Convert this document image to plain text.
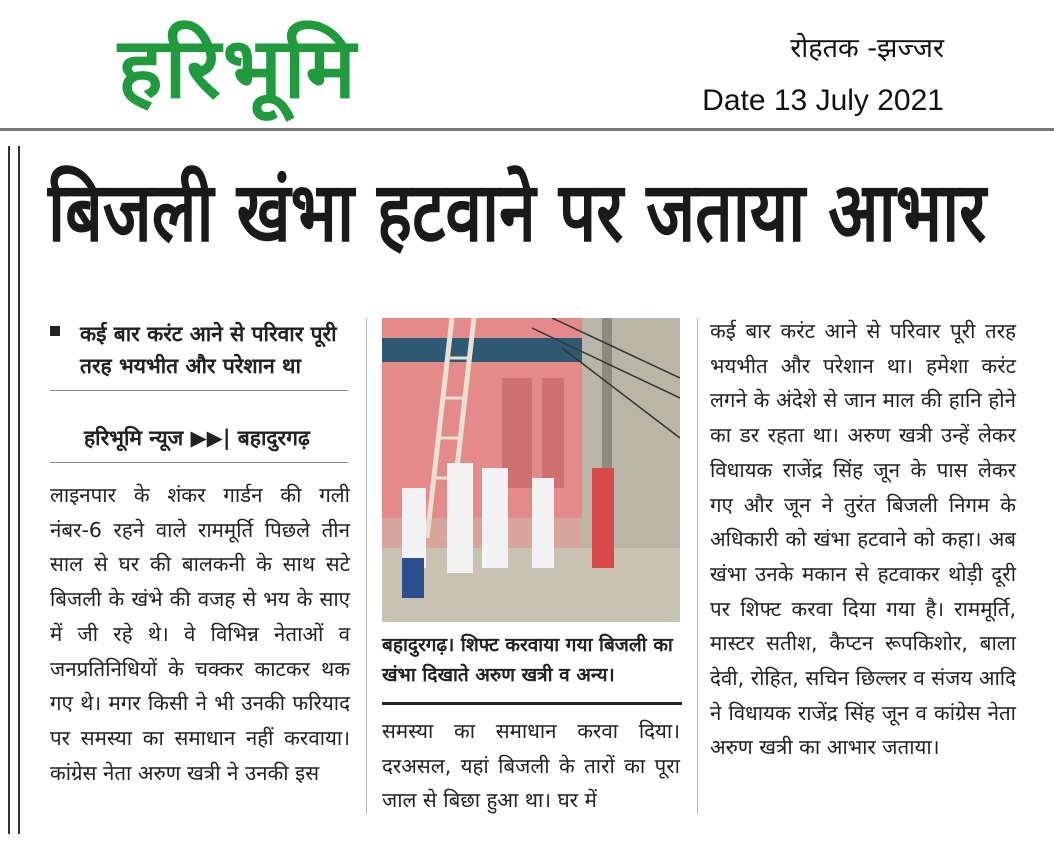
हरिभूमि	रोहतक -झज्जर
Date 13 July 2021
बिजली खंभा हटवाने पर जताया आभार
कई बार करंट आने से परिवार पूरी तरह भयभीत और परेशान था
हरिभूमि न्यूज ▶▶| बहादुरगढ़
लाइनपार के शंकर गार्डन की गली नंबर-6 रहने वाले राममूर्ति पिछले तीन साल से घर की बालकनी के साथ सटे बिजली के खंभे की वजह से भय के साए में जी रहे थे। वे विभिन्न नेताओं व जनप्रतिनिधियों के चक्कर काटकर थक गए थे। मगर किसी ने भी उनकी फरियाद पर समस्या का समाधान नहीं करवाया। कांग्रेस नेता अरुण खत्री ने उनकी इस
बहादुरगढ़। शिफ्ट करवाया गया बिजली का खंभा दिखाते अरुण खत्री व अन्य।
समस्या का समाधान करवा दिया। दरअसल, यहां बिजली के तारों का पूरा जाल से बिछा हुआ था। घर में
कई बार करंट आने से परिवार पूरी तरह भयभीत और परेशान था। हमेशा करंट लगने के अंदेशे से जान माल की हानि होने का डर रहता था। अरुण खत्री उन्हें लेकर विधायक राजेंद्र सिंह जून के पास लेकर गए और जून ने तुरंत बिजली निगम के अधिकारी को खंभा हटवाने को कहा। अब खंभा उनके मकान से हटवाकर थोड़ी दूरी पर शिफ्ट करवा दिया गया है। राममूर्ति, मास्टर सतीश, कैप्टन रूपकिशोर, बाला देवी, रोहित, सचिन छिल्लर व संजय आदि ने विधायक राजेंद्र सिंह जून व कांग्रेस नेता अरुण खत्री का आभार जताया।
